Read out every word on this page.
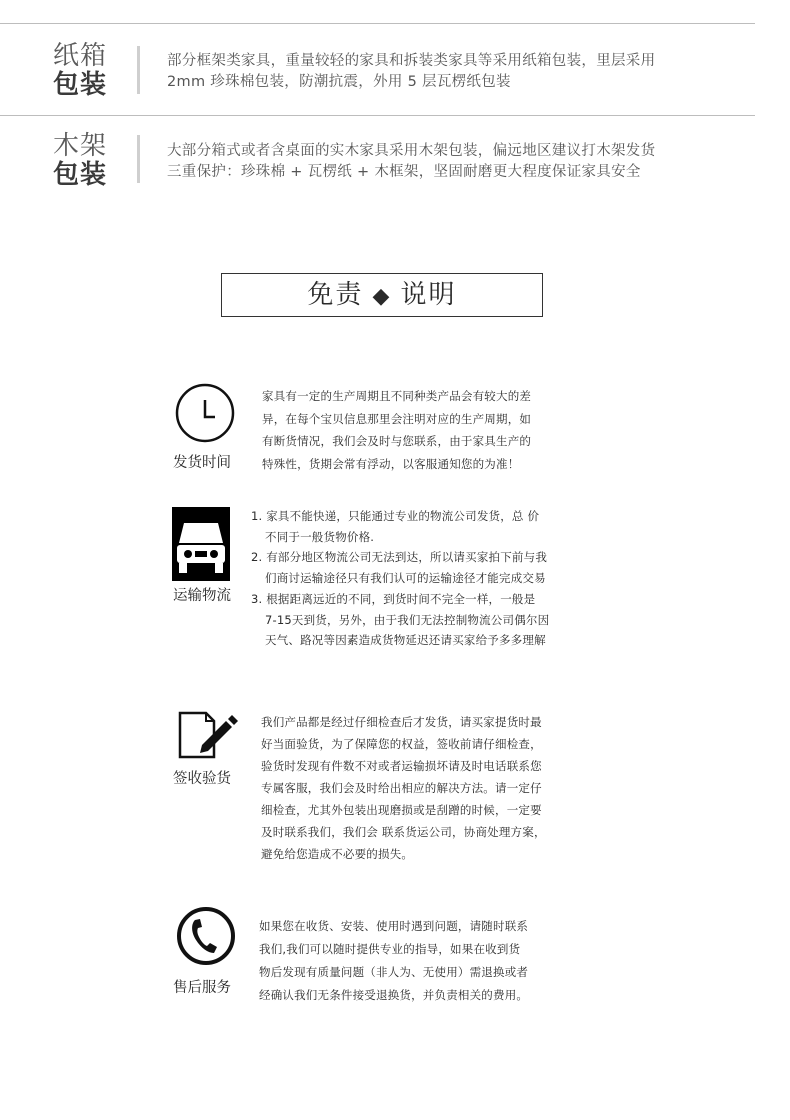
纸箱
包装
部分框架类家具，重量较轻的家具和拆装类家具等采用纸箱包装，里层采用
2mm 珍珠棉包装，防潮抗震，外用 5 层瓦楞纸包装
木架
包装
大部分箱式或者含桌面的实木家具采用木架包装，偏远地区建议打木架发货
三重保护：珍珠棉 + 瓦楞纸 + 木框架，坚固耐磨更大程度保证家具安全
免责 ◆ 说明
发货时间
家具有一定的生产周期且不同种类产品会有较大的差
异，在每个宝贝信息那里会注明对应的生产周期，如
有断货情况，我们会及时与您联系，由于家具生产的
特殊性，货期会常有浮动，以客服通知您的为准！
运输物流
1. 家具不能快递，只能通过专业的物流公司发货，总 价
不同于一般货物价格.
2. 有部分地区物流公司无法到达，所以请买家拍下前与我
们商讨运输途径只有我们认可的运输途径才能完成交易
3. 根据距离远近的不同，到货时间不完全一样，一般是
7-15天到货，另外，由于我们无法控制物流公司偶尔因
天气、路况等因素造成货物延迟还请买家给予多多理解
签收验货
我们产品都是经过仔细检查后才发货，请买家提货时最
好当面验货，为了保障您的权益，签收前请仔细检查，
验货时发现有件数不对或者运输损坏请及时电话联系您
专属客服，我们会及时给出相应的解决方法。请一定仔
细检查，尤其外包装出现磨损或是刮蹭的时候，一定要
及时联系我们，我们会 联系货运公司，协商处理方案，
避免给您造成不必要的损失。
售后服务
如果您在收货、安装、使用时遇到问题，请随时联系
我们,我们可以随时提供专业的指导，如果在收到货
物后发现有质量问题（非人为、无使用）需退换或者
经确认我们无条件接受退换货，并负责相关的费用。
